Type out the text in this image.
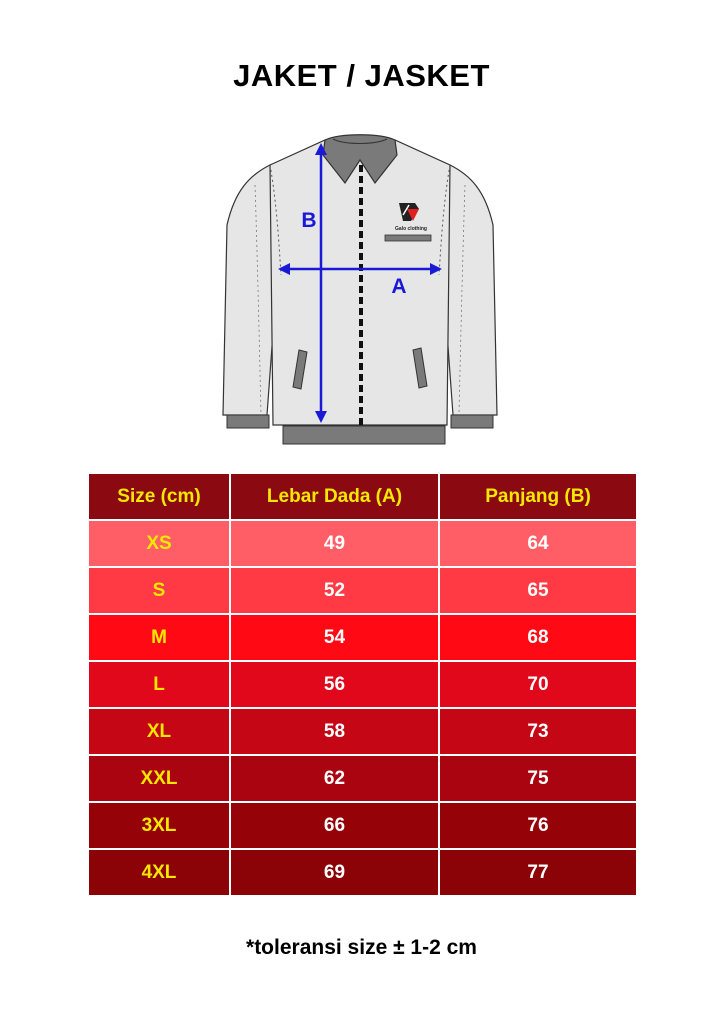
JAKET / JASKET
Galo clothing
B
A
Size (cm)	Lebar Dada (A)	Panjang (B)
XS	49	64
S	52	65
M	54	68
L	56	70
XL	58	73
XXL	62	75
3XL	66	76
4XL	69	77
*toleransi size ± 1-2 cm
